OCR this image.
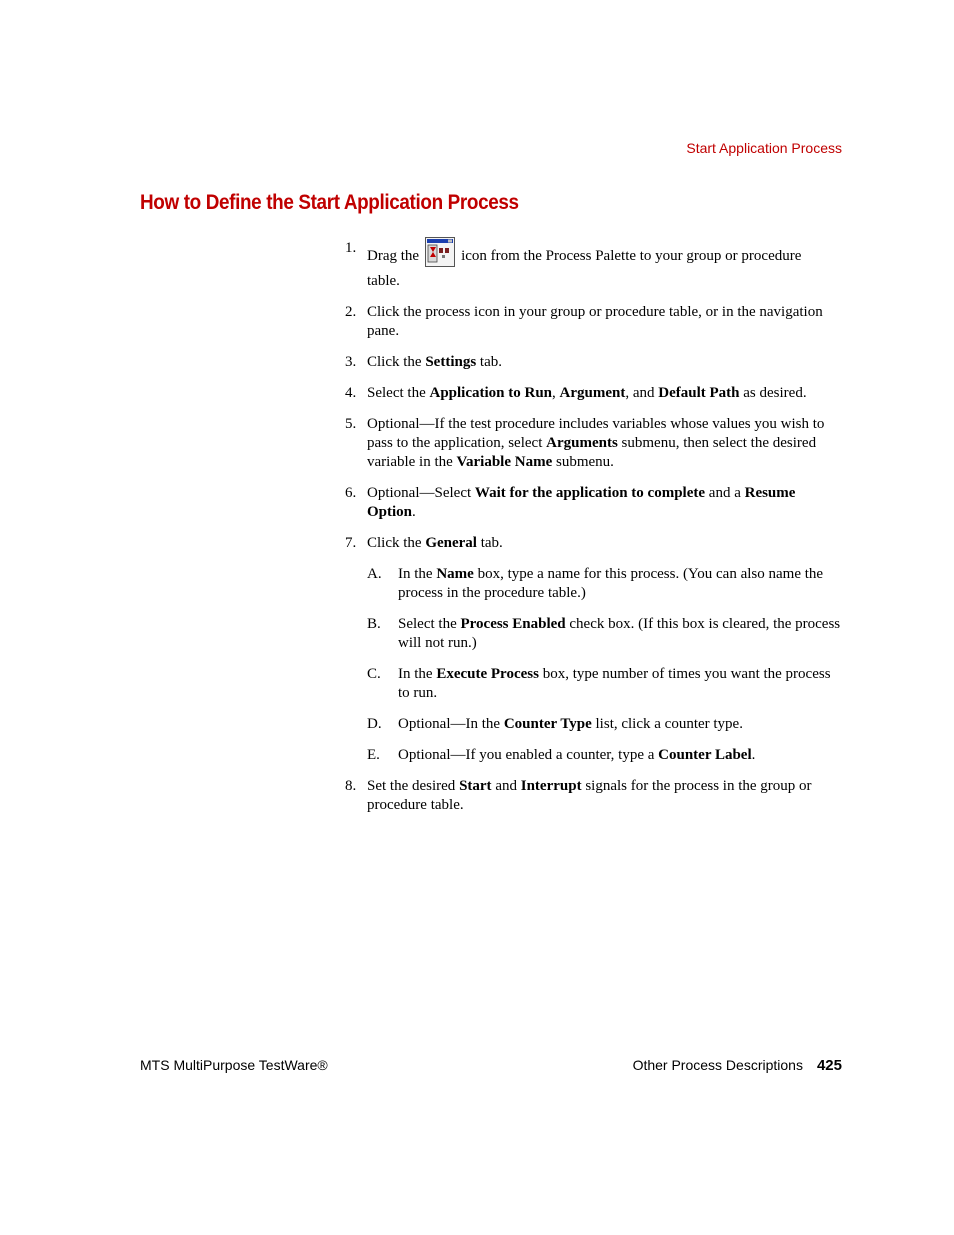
Start Application Process
How to Define the Start Application Process
1. Drag the	icon from the Process Palette to your group or procedure
table.
2. Click the process icon in your group or procedure table, or in the navigation pane.
3. Click the Settings tab.
4. Select the Application to Run, Argument, and Default Path as desired.
5. Optional—If the test procedure includes variables whose values you wish to pass to the application, select Arguments submenu, then select the desired variable in the Variable Name submenu.
6. Optional—Select Wait for the application to complete and a Resume Option.
7. Click the General tab.
A. In the Name box, type a name for this process. (You can also name the process in the procedure table.)
B. Select the Process Enabled check box. (If this box is cleared, the process will not run.)
C. In the Execute Process box, type number of times you want the process to run.
D. Optional—In the Counter Type list, click a counter type.
E. Optional—If you enabled a counter, type a Counter Label.
8. Set the desired Start and Interrupt signals for the process in the group or procedure table.
MTS MultiPurpose TestWare®	Other Process Descriptions 425
